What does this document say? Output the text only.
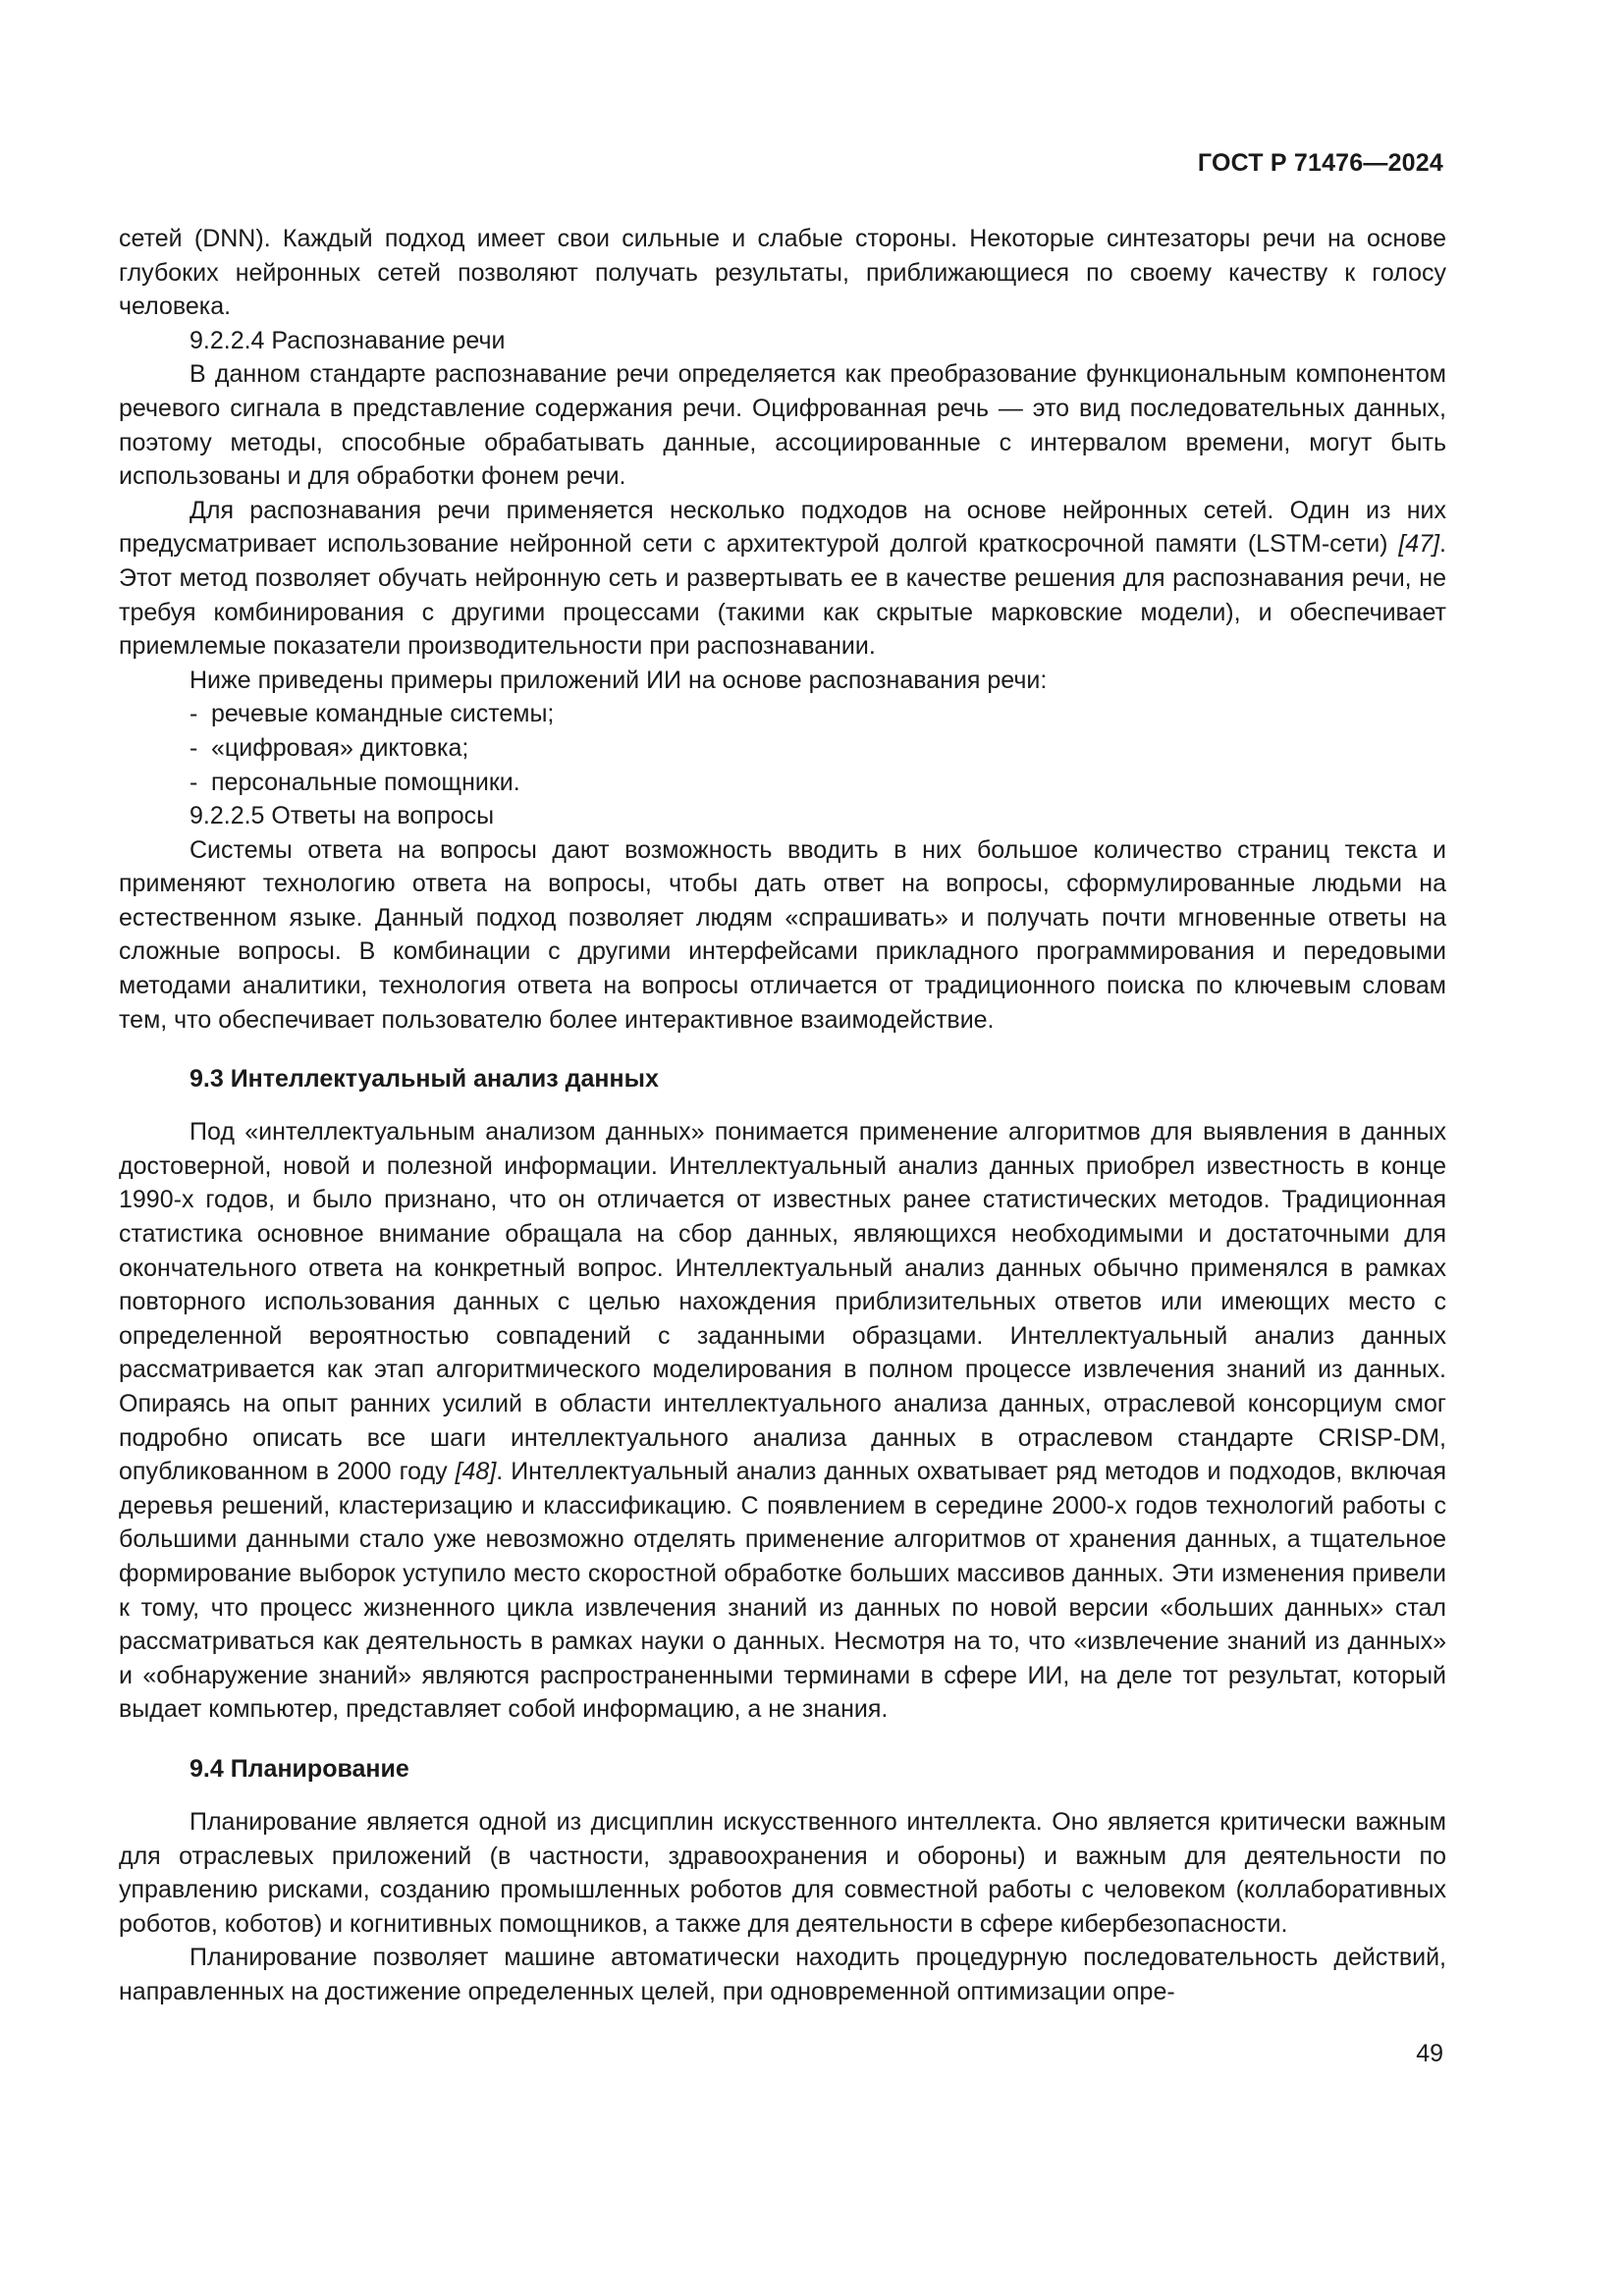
ГОСТ Р 71476—2024

сетей (DNN). Каждый подход имеет свои сильные и слабые стороны. Некоторые синтезаторы речи на основе глубоких нейронных сетей позволяют получать результаты, приближающиеся по своему качеству к голосу человека.

9.2.2.4 Распознавание речи

В данном стандарте распознавание речи определяется как преобразование функциональным компонентом речевого сигнала в представление содержания речи. Оцифрованная речь — это вид последовательных данных, поэтому методы, способные обрабатывать данные, ассоциированные с интервалом времени, могут быть использованы и для обработки фонем речи.

Для распознавания речи применяется несколько подходов на основе нейронных сетей. Один из них предусматривает использование нейронной сети с архитектурой долгой краткосрочной памяти (LSTM-сети) [47]. Этот метод позволяет обучать нейронную сеть и развертывать ее в качестве решения для распознавания речи, не требуя комбинирования с другими процессами (такими как скрытые марковские модели), и обеспечивает приемлемые показатели производительности при распознавании.

Ниже приведены примеры приложений ИИ на основе распознавания речи:

- речевые командные системы;
- «цифровая» диктовка;
- персональные помощники.

9.2.2.5 Ответы на вопросы

Системы ответа на вопросы дают возможность вводить в них большое количество страниц текста и применяют технологию ответа на вопросы, чтобы дать ответ на вопросы, сформулированные людьми на естественном языке. Данный подход позволяет людям «спрашивать» и получать почти мгновенные ответы на сложные вопросы. В комбинации с другими интерфейсами прикладного программирования и передовыми методами аналитики, технология ответа на вопросы отличается от традиционного поиска по ключевым словам тем, что обеспечивает пользователю более интерактивное взаимодействие.

9.3 Интеллектуальный анализ данных

Под «интеллектуальным анализом данных» понимается применение алгоритмов для выявления в данных достоверной, новой и полезной информации. Интеллектуальный анализ данных приобрел известность в конце 1990-х годов, и было признано, что он отличается от известных ранее статистических методов. Традиционная статистика основное внимание обращала на сбор данных, являющихся необходимыми и достаточными для окончательного ответа на конкретный вопрос. Интеллектуальный анализ данных обычно применялся в рамках повторного использования данных с целью нахождения приблизительных ответов или имеющих место с определенной вероятностью совпадений с заданными образцами. Интеллектуальный анализ данных рассматривается как этап алгоритмического моделирования в полном процессе извлечения знаний из данных. Опираясь на опыт ранних усилий в области интеллектуального анализа данных, отраслевой консорциум смог подробно описать все шаги интеллектуального анализа данных в отраслевом стандарте CRISP-DM, опубликованном в 2000 году [48]. Интеллектуальный анализ данных охватывает ряд методов и подходов, включая деревья решений, кластеризацию и классификацию. С появлением в середине 2000-х годов технологий работы с большими данными стало уже невозможно отделять применение алгоритмов от хранения данных, а тщательное формирование выборок уступило место скоростной обработке больших массивов данных. Эти изменения привели к тому, что процесс жизненного цикла извлечения знаний из данных по новой версии «больших данных» стал рассматриваться как деятельность в рамках науки о данных. Несмотря на то, что «извлечение знаний из данных» и «обнаружение знаний» являются распространенными терминами в сфере ИИ, на деле тот результат, который выдает компьютер, представляет собой информацию, а не знания.

9.4 Планирование

Планирование является одной из дисциплин искусственного интеллекта. Оно является критически важным для отраслевых приложений (в частности, здравоохранения и обороны) и важным для деятельности по управлению рисками, созданию промышленных роботов для совместной работы с человеком (коллаборативных роботов, коботов) и когнитивных помощников, а также для деятельности в сфере кибербезопасности.

Планирование позволяет машине автоматически находить процедурную последовательность действий, направленных на достижение определенных целей, при одновременной оптимизации опре-

49
